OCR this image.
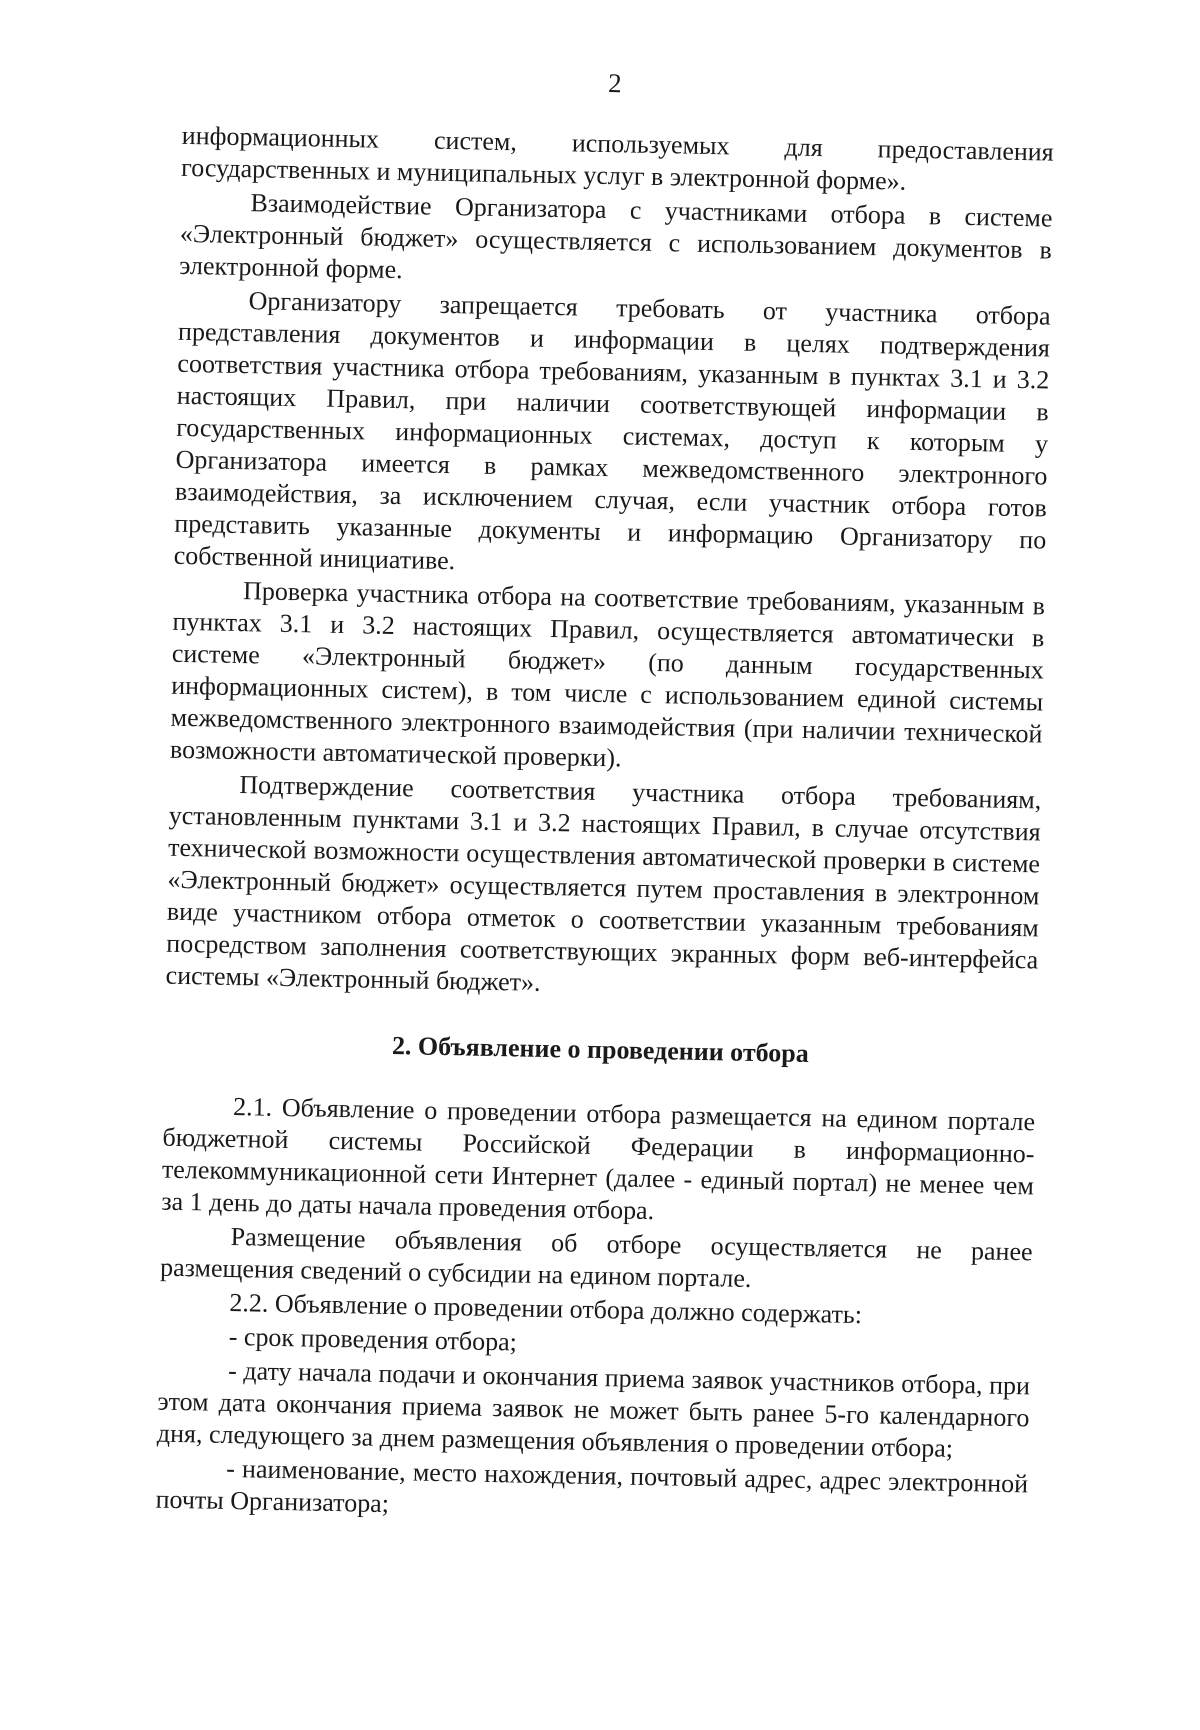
2

информационных систем, используемых для предоставления государственных и муниципальных услуг в электронной форме».

Взаимодействие Организатора с участниками отбора в системе «Электронный бюджет» осуществляется с использованием документов в электронной форме.

Организатору запрещается требовать от участника отбора представления документов и информации в целях подтверждения соответствия участника отбора требованиям, указанным в пунктах 3.1 и 3.2 настоящих Правил, при наличии соответствующей информации в государственных информационных системах, доступ к которым у Организатора имеется в рамках межведомственного электронного взаимодействия, за исключением случая, если участник отбора готов представить указанные документы и информацию Организатору по собственной инициативе.

Проверка участника отбора на соответствие требованиям, указанным в пунктах 3.1 и 3.2 настоящих Правил, осуществляется автоматически в системе «Электронный бюджет» (по данным государственных информационных систем), в том числе с использованием единой системы межведомственного электронного взаимодействия (при наличии технической возможности автоматической проверки).

Подтверждение соответствия участника отбора требованиям, установленным пунктами 3.1 и 3.2 настоящих Правил, в случае отсутствия технической возможности осуществления автоматической проверки в системе «Электронный бюджет» осуществляется путем проставления в электронном виде участником отбора отметок о соответствии указанным требованиям посредством заполнения соответствующих экранных форм веб-интерфейса системы «Электронный бюджет».

2. Объявление о проведении отбора

2.1. Объявление о проведении отбора размещается на едином портале бюджетной системы Российской Федерации в информационно-телекоммуникационной сети Интернет (далее - единый портал) не менее чем за 1 день до даты начала проведения отбора.

Размещение объявления об отборе осуществляется не ранее размещения сведений о субсидии на едином портале.

2.2. Объявление о проведении отбора должно содержать:

- срок проведения отбора;

- дату начала подачи и окончания приема заявок участников отбора, при этом дата окончания приема заявок не может быть ранее 5-го календарного дня, следующего за днем размещения объявления о проведении отбора;

- наименование, место нахождения, почтовый адрес, адрес электронной почты Организатора;
